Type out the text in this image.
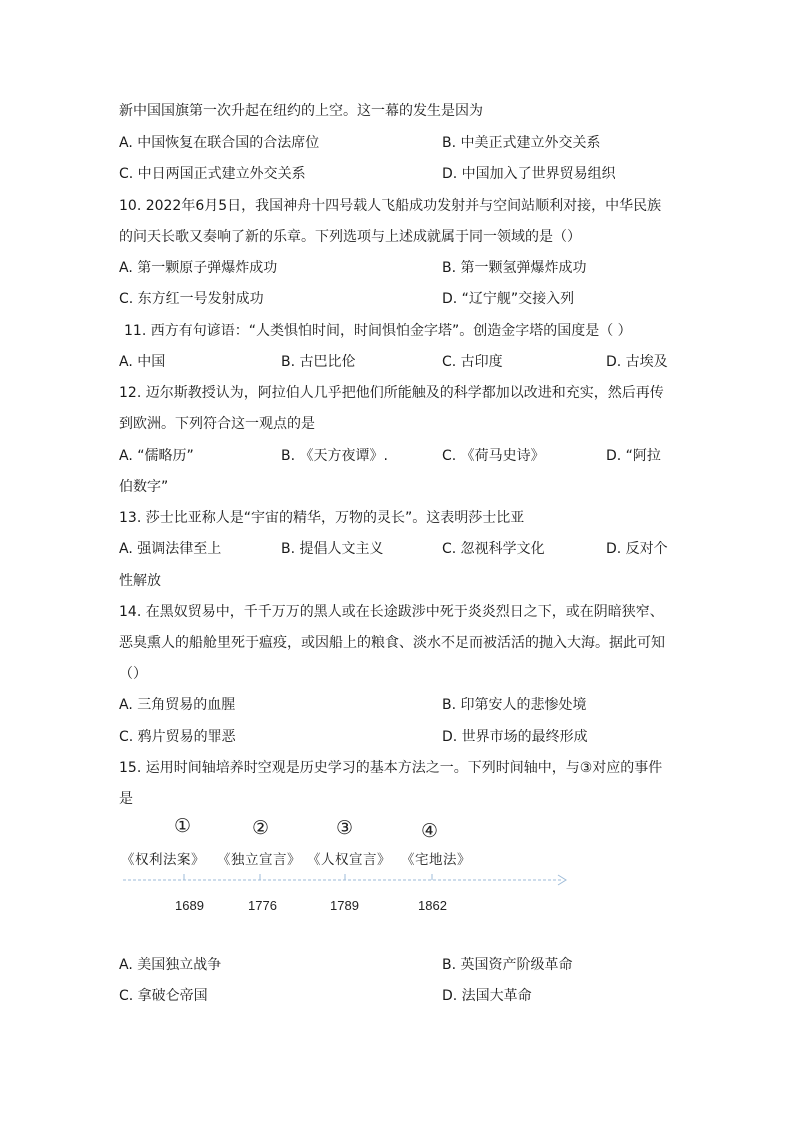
新中国国旗第一次升起在纽约的上空。这一幕的发生是因为
A. 中国恢复在联合国的合法席位	B. 中美正式建立外交关系
C. 中日两国正式建立外交关系	D. 中国加入了世界贸易组织
10. 2022年6月5日，我国神舟十四号载人飞船成功发射并与空间站顺利对接，中华民族
的问天长歌又奏响了新的乐章。下列选项与上述成就属于同一领域的是（）
A. 第一颗原子弹爆炸成功	B. 第一颗氢弹爆炸成功
C. 东方红一号发射成功	D. “辽宁舰”交接入列
11. 西方有句谚语：“人类惧怕时间，时间惧怕金字塔”。创造金字塔的国度是（ ）
A. 中国	B. 古巴比伦	C. 古印度	D. 古埃及
12. 迈尔斯教授认为，阿拉伯人几乎把他们所能触及的科学都加以改进和充实，然后再传
到欧洲。下列符合这一观点的是
A. “儒略历”	B. 《天方夜谭》.	C. 《荷马史诗》	D. “阿拉
伯数字”
13. 莎士比亚称人是“宇宙的精华，万物的灵长”。这表明莎士比亚
A. 强调法律至上	B. 提倡人文主义	C. 忽视科学文化	D. 反对个
性解放
14. 在黑奴贸易中，千千万万的黑人或在长途跋涉中死于炎炎烈日之下，或在阴暗狭窄、
恶臭熏人的船舱里死于瘟疫，或因船上的粮食、淡水不足而被活活的抛入大海。据此可知
（）
A. 三角贸易的血腥	B. 印第安人的悲惨处境
C. 鸦片贸易的罪恶	D. 世界市场的最终形成
15. 运用时间轴培养时空观是历史学习的基本方法之一。下列时间轴中，与③对应的事件
是
①	②	③	④
《权利法案》 《独立宣言》 《人权宣言》 《宅地法》
1689	1776	1789	1862
A. 美国独立战争	B. 英国资产阶级革命
C. 拿破仑帝国	D. 法国大革命
